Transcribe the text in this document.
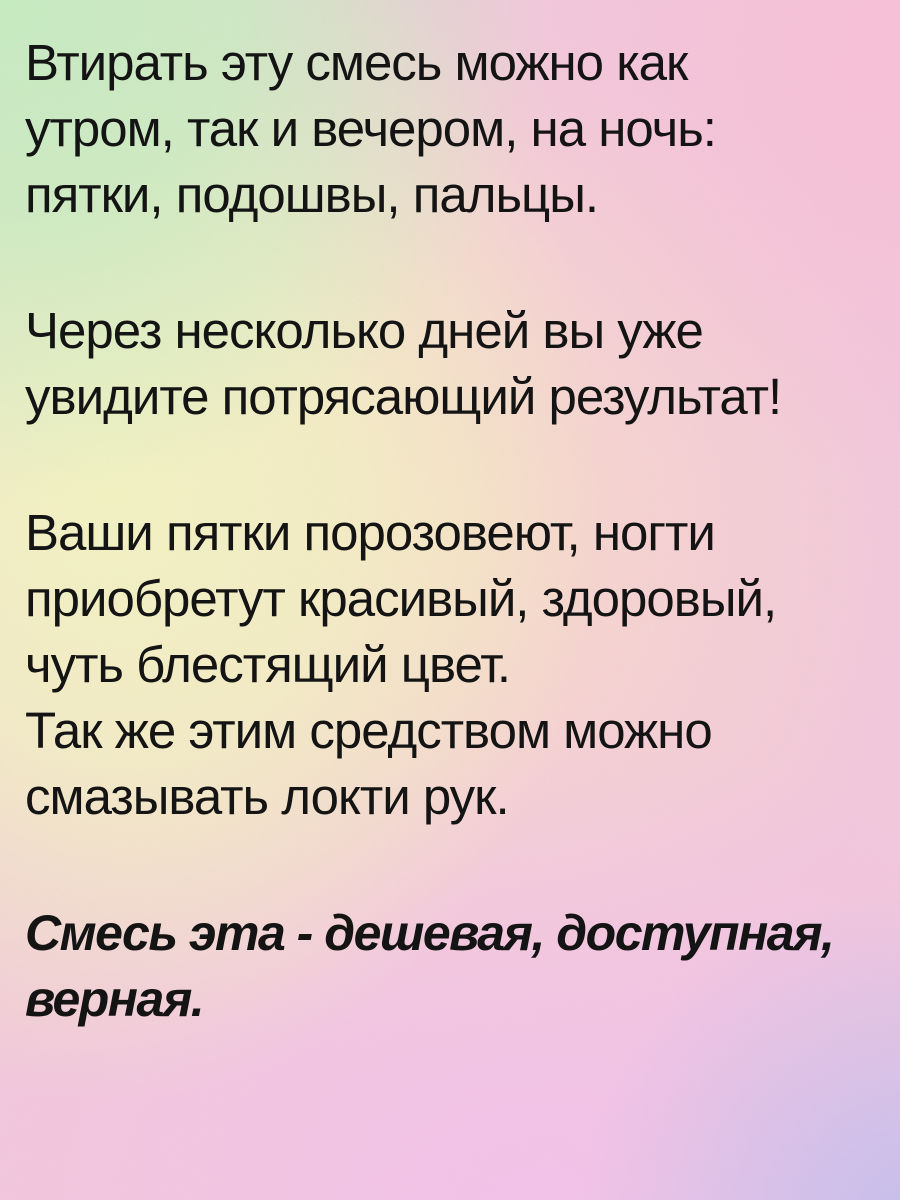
Втирать эту смесь можно как
утром, так и вечером, на ночь:
пятки, подошвы, пальцы.
Через несколько дней вы уже
увидите потрясающий результат!
Ваши пятки порозовеют, ногти
приобретут красивый, здоровый,
чуть блестящий цвет.
Так же этим средством можно
смазывать локти рук.
Смесь эта - дешевая, доступная,
верная.
